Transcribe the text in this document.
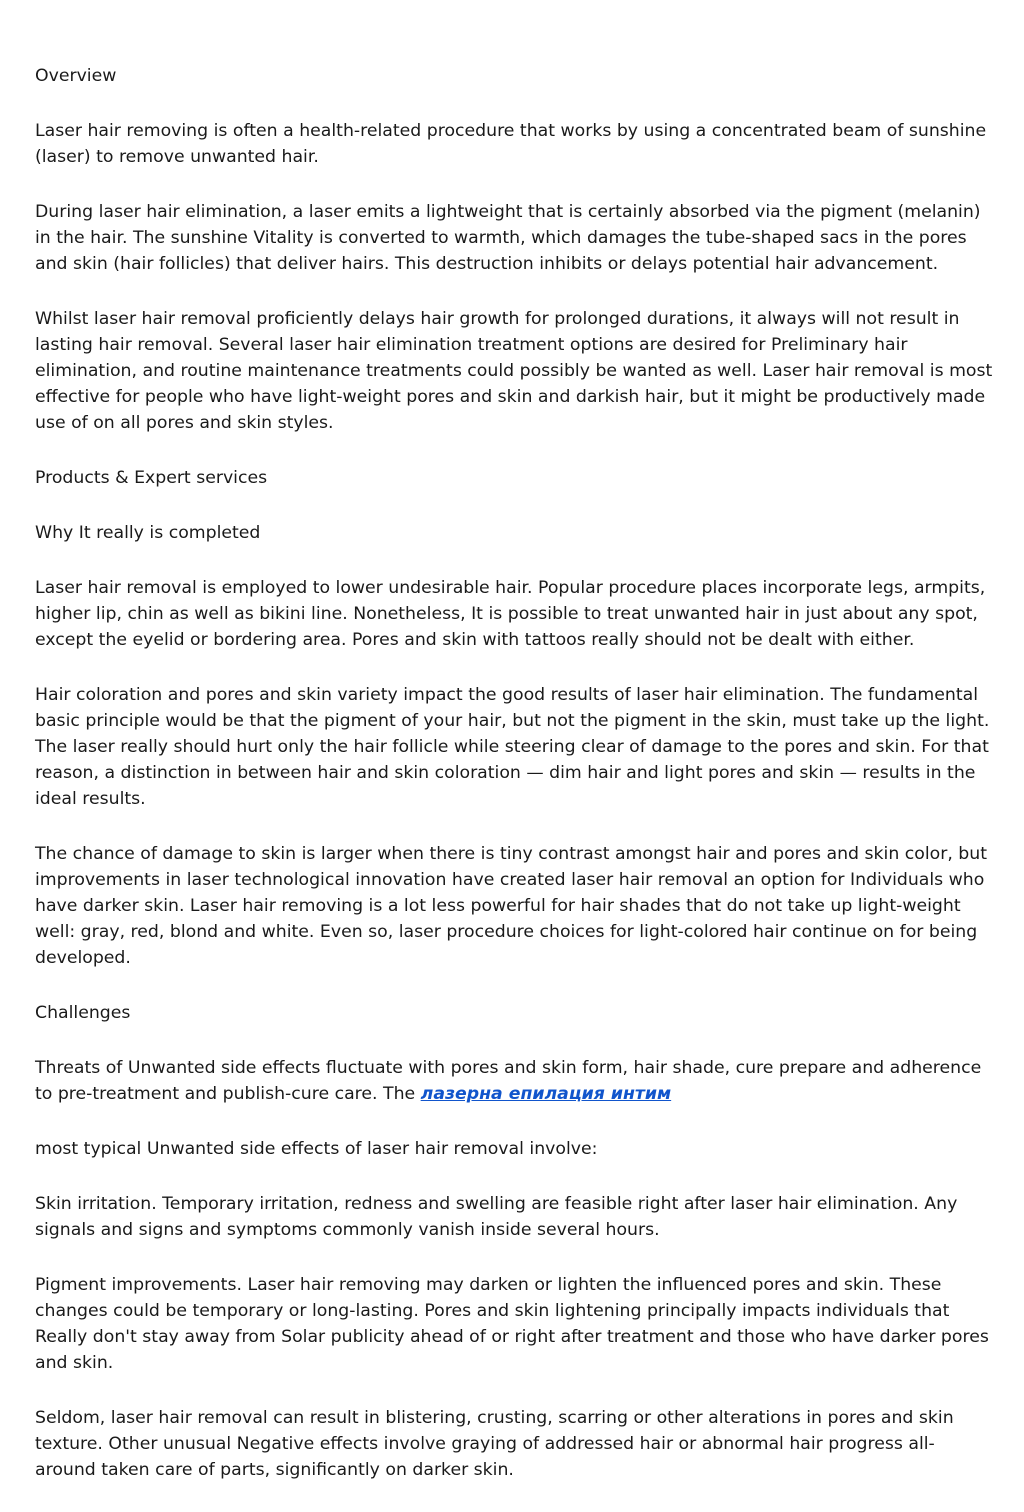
Overview

Laser hair removing is often a health-related procedure that works by using a concentrated beam of sunshine (laser) to remove unwanted hair.

During laser hair elimination, a laser emits a lightweight that is certainly absorbed via the pigment (melanin) in the hair. The sunshine Vitality is converted to warmth, which damages the tube-shaped sacs in the pores and skin (hair follicles) that deliver hairs. This destruction inhibits or delays potential hair advancement.

Whilst laser hair removal proficiently delays hair growth for prolonged durations, it always will not result in lasting hair removal. Several laser hair elimination treatment options are desired for Preliminary hair elimination, and routine maintenance treatments could possibly be wanted as well. Laser hair removal is most effective for people who have light-weight pores and skin and darkish hair, but it might be productively made use of on all pores and skin styles.

Products & Expert services

Why It really is completed

Laser hair removal is employed to lower undesirable hair. Popular procedure places incorporate legs, armpits, higher lip, chin as well as bikini line. Nonetheless, It is possible to treat unwanted hair in just about any spot, except the eyelid or bordering area. Pores and skin with tattoos really should not be dealt with either.

Hair coloration and pores and skin variety impact the good results of laser hair elimination. The fundamental basic principle would be that the pigment of your hair, but not the pigment in the skin, must take up the light. The laser really should hurt only the hair follicle while steering clear of damage to the pores and skin. For that reason, a distinction in between hair and skin coloration — dim hair and light pores and skin — results in the ideal results.

The chance of damage to skin is larger when there is tiny contrast amongst hair and pores and skin color, but improvements in laser technological innovation have created laser hair removal an option for Individuals who have darker skin. Laser hair removing is a lot less powerful for hair shades that do not take up light-weight well: gray, red, blond and white. Even so, laser procedure choices for light-colored hair continue on for being developed.

Challenges

Threats of Unwanted side effects fluctuate with pores and skin form, hair shade, cure prepare and adherence to pre-treatment and publish-cure care. The лазерна епилация интим

most typical Unwanted side effects of laser hair removal involve:

Skin irritation. Temporary irritation, redness and swelling are feasible right after laser hair elimination. Any signals and signs and symptoms commonly vanish inside several hours.

Pigment improvements. Laser hair removing may darken or lighten the influenced pores and skin. These changes could be temporary or long-lasting. Pores and skin lightening principally impacts individuals that Really don't stay away from Solar publicity ahead of or right after treatment and those who have darker pores and skin.

Seldom, laser hair removal can result in blistering, crusting, scarring or other alterations in pores and skin texture. Other unusual Negative effects involve graying of addressed hair or abnormal hair progress all-around taken care of parts, significantly on darker skin.
